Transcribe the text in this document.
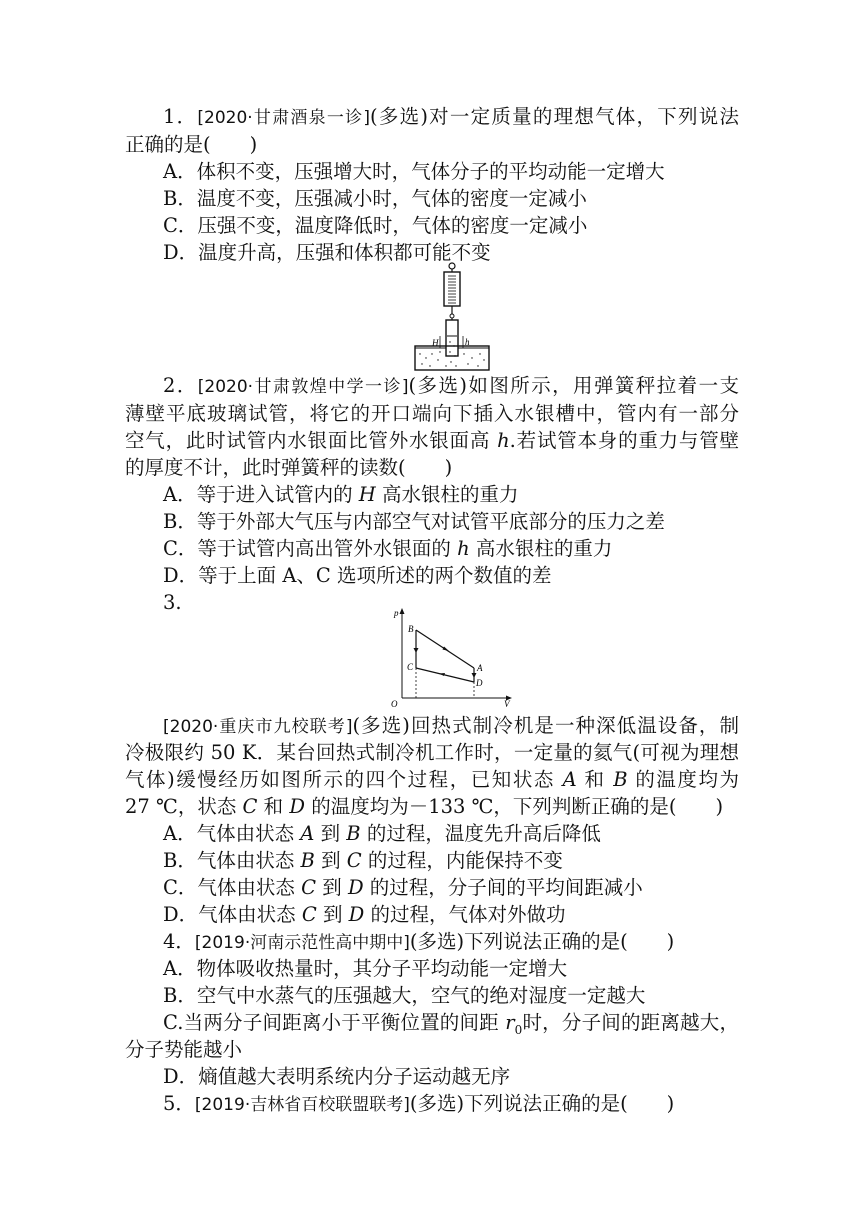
1．[2020·甘肃酒泉一诊](多选)对一定质量的理想气体，下列说法
正确的是(　　)
A．体积不变，压强增大时，气体分子的平均动能一定增大
B．温度不变，压强减小时，气体的密度一定减小
C．压强不变，温度降低时，气体的密度一定减小
D．温度升高，压强和体积都可能不变
H	h
2．[2020·甘肃敦煌中学一诊](多选)如图所示，用弹簧秤拉着一支
薄壁平底玻璃试管，将它的开口端向下插入水银槽中，管内有一部分
空气，此时试管内水银面比管外水银面高 h.若试管本身的重力与管壁
的厚度不计，此时弹簧秤的读数(　　)
A．等于进入试管内的 H 高水银柱的重力
B．等于外部大气压与内部空气对试管平底部分的压力之差
C．等于试管内高出管外水银面的 h 高水银柱的重力
D．等于上面 A、C 选项所述的两个数值的差
3.	p
V
O
B
C	A
D
[2020·重庆市九校联考](多选)回热式制冷机是一种深低温设备，制
冷极限约 50 K．某台回热式制冷机工作时，一定量的氦气(可视为理想
气体)缓慢经历如图所示的四个过程，已知状态 A 和 B 的温度均为
27 ℃，状态 C 和 D 的温度均为－133 ℃，下列判断正确的是(　　)
A．气体由状态 A 到 B 的过程，温度先升高后降低
B．气体由状态 B 到 C 的过程，内能保持不变
C．气体由状态 C 到 D 的过程，分子间的平均间距减小
D．气体由状态 C 到 D 的过程，气体对外做功
4．[2019·河南示范性高中期中](多选)下列说法正确的是(　　)
A．物体吸收热量时，其分子平均动能一定增大
B．空气中水蒸气的压强越大，空气的绝对湿度一定越大
C.当两分子间距离小于平衡位置的间距 $r_0$时，分子间的距离越大，
分子势能越小
D．熵值越大表明系统内分子运动越无序
5．[2019·吉林省百校联盟联考](多选)下列说法正确的是(　　)
